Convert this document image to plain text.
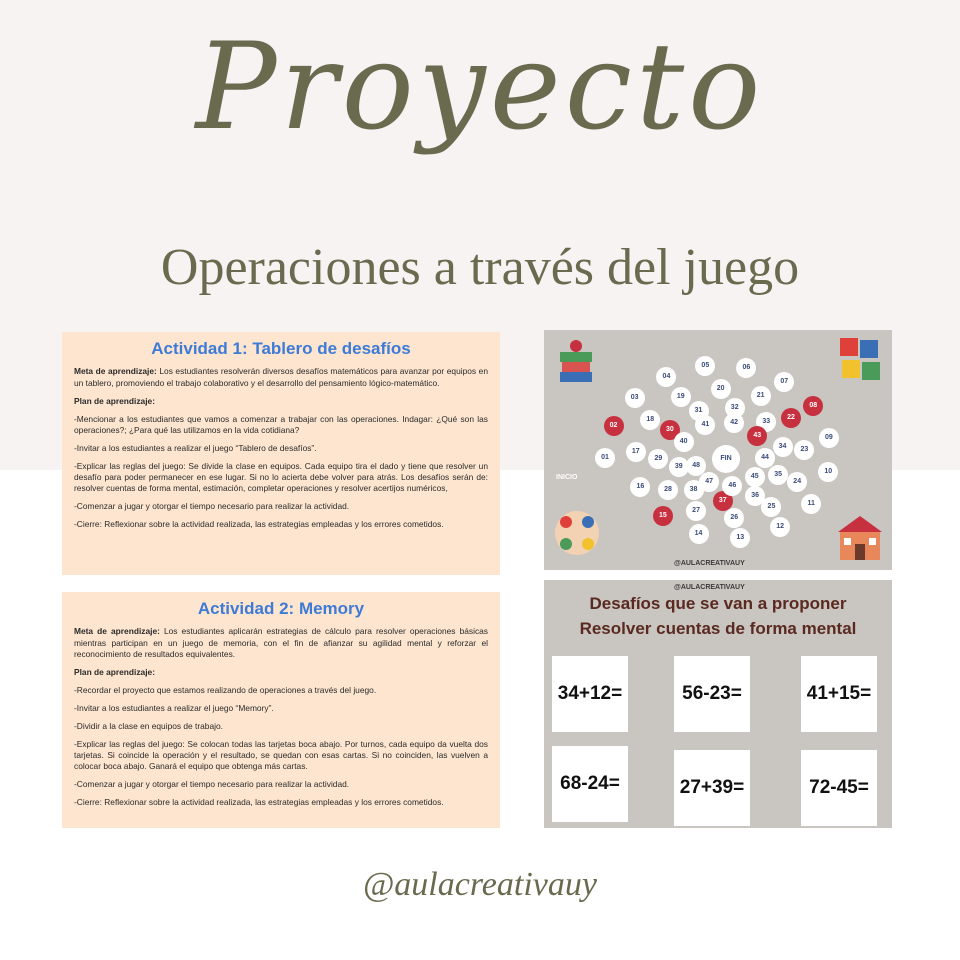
Proyecto
Operaciones a través del juego
Actividad 1: Tablero de desafíos

Meta de aprendizaje: Los estudiantes resolverán diversos desafíos matemáticos para avanzar por equipos en un tablero, promoviendo el trabajo colaborativo y el desarrollo del pensamiento lógico-matemático.

Plan de aprendizaje:

-Mencionar a los estudiantes que vamos a comenzar a trabajar con las operaciones. Indagar: ¿Qué son las operaciones?; ¿Para qué las utilizamos en la vida cotidiana?

-Invitar a los estudiantes a realizar el juego “Tablero de desafíos”.

-Explicar las reglas del juego: Se divide la clase en equipos. Cada equipo tira el dado y tiene que resolver un desafío para poder permanecer en ese lugar. Si no lo acierta debe volver para atrás. Los desafíos serán de: resolver cuentas de forma mental, estimación, completar operaciones y resolver acertijos numéricos,

-Comenzar a jugar y otorgar el tiempo necesario para realizar la actividad.

-Cierre: Reflexionar sobre la actividad realizada, las estrategias empleadas y los errores cometidos.

Actividad 2: Memory

Meta de aprendizaje: Los estudiantes aplicarán estrategias de cálculo para resolver operaciones básicas mientras participan en un juego de memoria, con el fin de afianzar su agilidad mental y reforzar el reconocimiento de resultados equivalentes.

Plan de aprendizaje:

-Recordar el proyecto que estamos realizando de operaciones a través del juego.

-Invitar a los estudiantes a realizar el juego “Memory”.

-Dividir a la clase en equipos de trabajo.

-Explicar las reglas del juego: Se colocan todas las tarjetas boca abajo. Por turnos, cada equipo da vuelta dos tarjetas. Si coincide la operación y el resultado, se quedan con esas cartas. Si no coinciden, las vuelven a colocar boca abajo. Ganará el equipo que obtenga más cartas.

-Comenzar a jugar y otorgar el tiempo necesario para realizar la actividad.

-Cierre: Reflexionar sobre la actividad realizada, las estrategias empleadas y los errores cometidos.

INICIO
FIN
@AULACREATIVAUY
01
02
03
04
05	06
07
08
09
10
11
12
13
14
15
16
17
18
19
20
21
22
23
24
25
26
27
28
29
30
31	32
33
34
35
36
37
38
39
40
41	42
43
44
45
46
47
48
@AULACREATIVAUY
Desafíos que se van a proponer
Resolver cuentas de forma mental
34+12=	56-23=	41+15=
68-24=	27+39=	72-45=
@aulacreativauy
